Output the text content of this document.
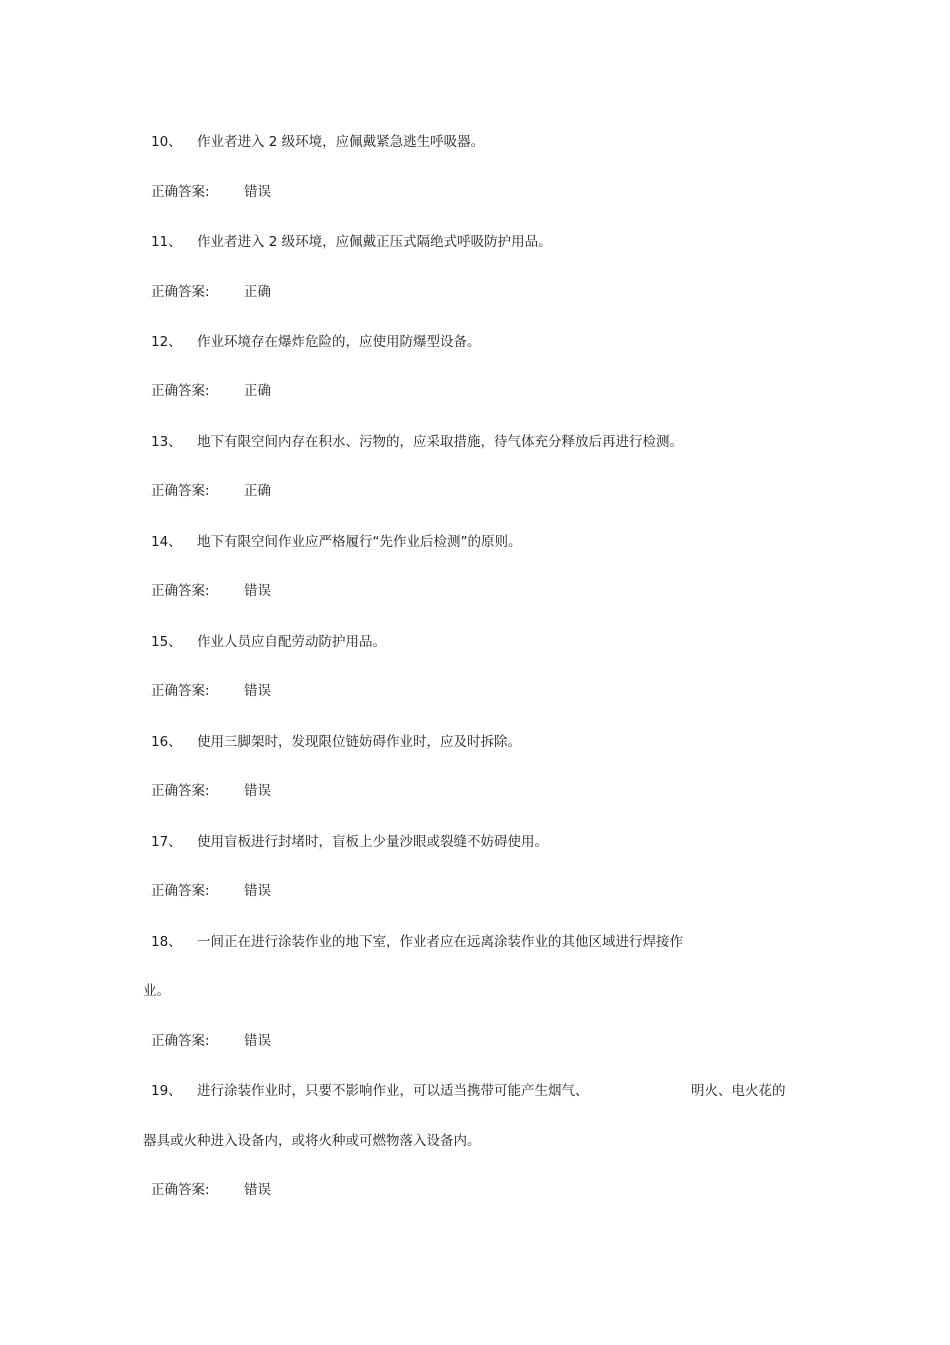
10、 作业者进入 2 级环境，应佩戴紧急逃生呼吸器。
正确答案:	错误
11、 作业者进入 2 级环境，应佩戴正压式隔绝式呼吸防护用品。
正确答案:	正确
12、 作业环境存在爆炸危险的，应使用防爆型设备。
正确答案:	正确
13、 地下有限空间内存在积水、污物的，应采取措施，待气体充分释放后再进行检测。
正确答案:	正确
14、 地下有限空间作业应严格履行“先作业后检测”的原则。
正确答案:	错误
15、 作业人员应自配劳动防护用品。
正确答案:	错误
16、 使用三脚架时，发现限位链妨碍作业时，应及时拆除。
正确答案:	错误
17、 使用盲板进行封堵时，盲板上少量沙眼或裂缝不妨碍使用。
正确答案:	错误
18、 一间正在进行涂装作业的地下室，作业者应在远离涂装作业的其他区域进行焊接作
业。
正确答案:	错误
19、 进行涂装作业时，只要不影响作业，可以适当携带可能产生烟气、	明火、电火花的
器具或火种进入设备内，或将火种或可燃物落入设备内。
正确答案:	错误
